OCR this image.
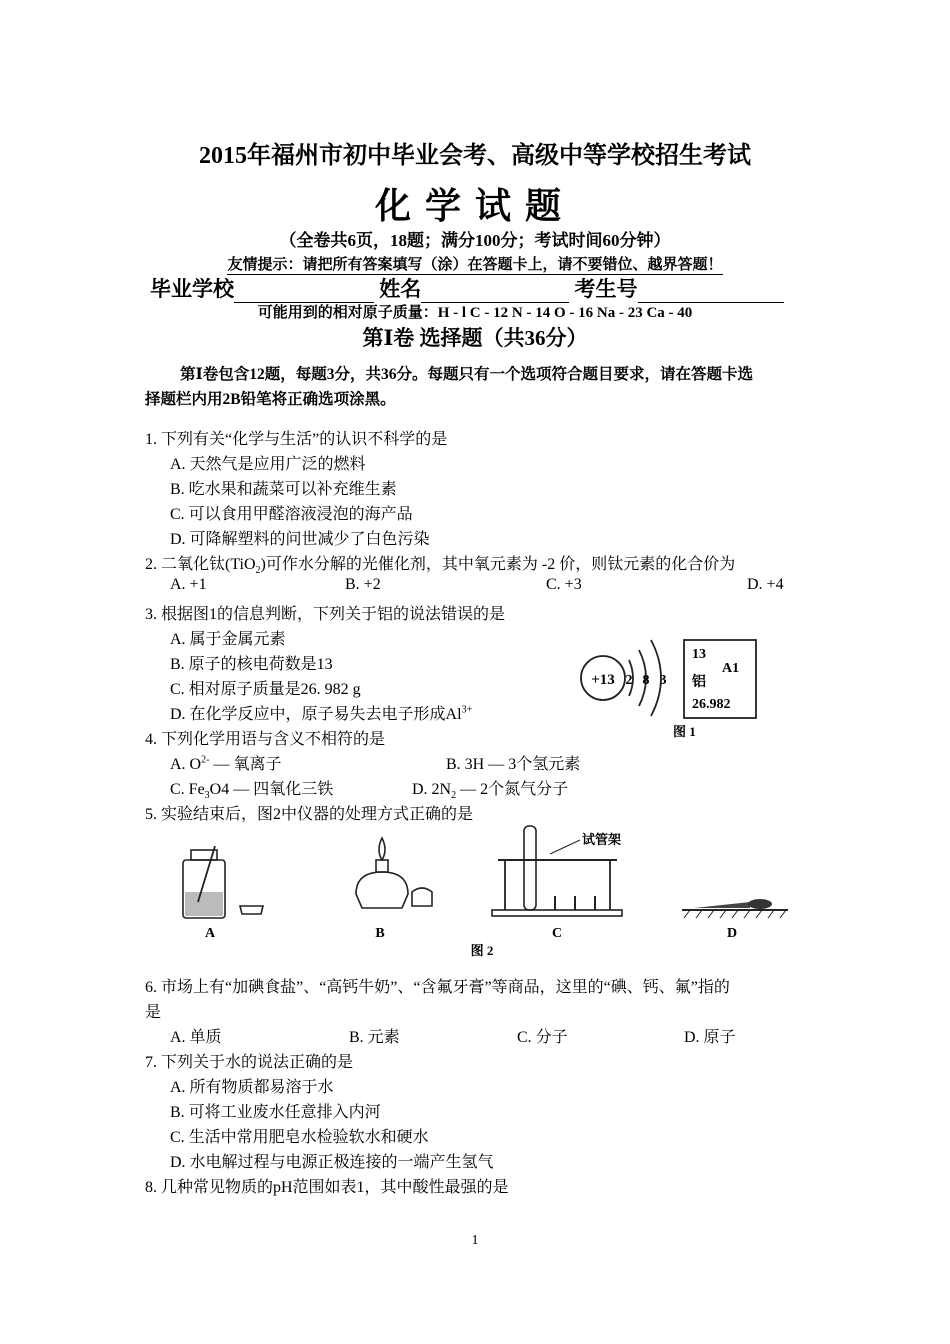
2015年福州市初中毕业会考、高级中等学校招生考试
化学试题
（全卷共6页，18题；满分100分；考试时间60分钟）
友情提示：请把所有答案填写（涂）在答题卡上，请不要错位、越界答题！
毕业学校	姓名	考生号
可能用到的相对原子质量：H - l C - 12 N - 14 O - 16 Na - 23 Ca - 40
第Ⅰ卷 选择题（共36分）
第Ⅰ卷包含12题，每题3分，共36分。每题只有一个选项符合题目要求，请在答题卡选
择题栏内用2B铅笔将正确选项涂黑。
1. 下列有关“化学与生活”的认识不科学的是
A. 天然气是应用广泛的燃料
B. 吃水果和蔬菜可以补充维生素
C. 可以食用甲醛溶液浸泡的海产品
D. 可降解塑料的问世减少了白色污染
2. 二氧化钛(TiO$_2$)可作水分解的光催化剂，其中氧元素为 -2 价，则钛元素的化合价为
A. +1	B. +2	C. +3	D. +4
3. 根据图1的信息判断，下列关于铝的说法错误的是
A. 属于金属元素
B. 原子的核电荷数是13
C. 相对原子质量是26. 982 g
D. 在化学反应中，原子易失去电子形成$Al^{3+}$
+13 2 8 3
13
A1
铝
26.982
图 1
4. 下列化学用语与含义不相符的是
A. $O^{2-}$ — 氧离子	B. 3H — 3个氢元素
C. $Fe_3O4$ — 四氧化三铁	D. $2N_2$ — 2个氮气分子
5. 实验结束后，图2中仪器的处理方式正确的是
A	B
试管架
C	D
图 2
6. 市场上有“加碘食盐”、“高钙牛奶”、“含氟牙膏”等商品，这里的“碘、钙、氟”指的
是
A. 单质	B. 元素	C. 分子	D. 原子
7. 下列关于水的说法正确的是
A. 所有物质都易溶于水
B. 可将工业废水任意排入内河
C. 生活中常用肥皂水检验软水和硬水
D. 水电解过程与电源正极连接的一端产生氢气
8. 几种常见物质的pH范围如表1，其中酸性最强的是
1
